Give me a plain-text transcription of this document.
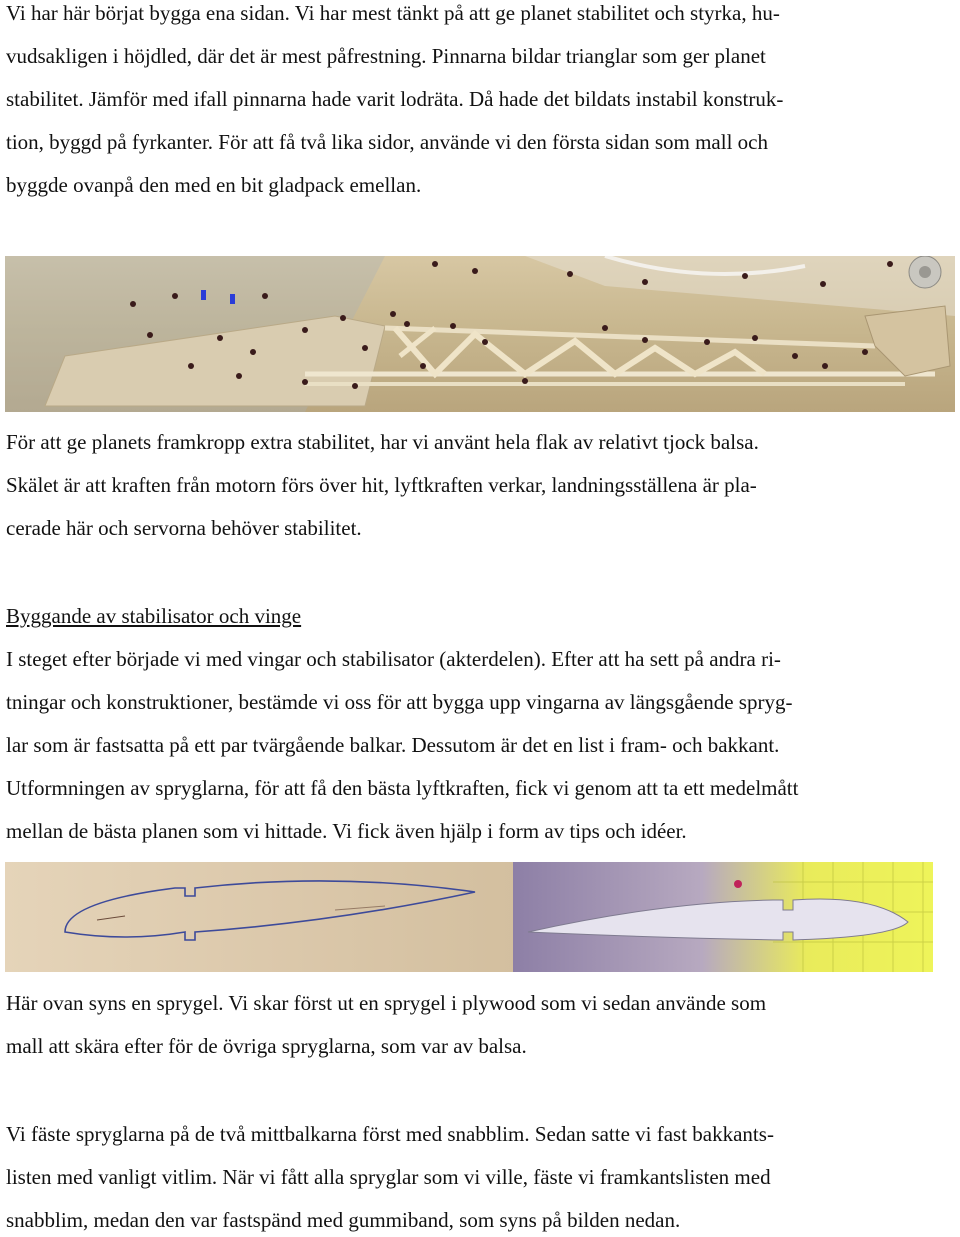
Vi har här börjat bygga ena sidan. Vi har mest tänkt på att ge planet stabilitet och styrka, hu-
vudsakligen i höjdled, där det är mest påfrestning. Pinnarna bildar trianglar som ger planet
stabilitet. Jämför med ifall pinnarna hade varit lodräta. Då hade det bildats instabil konstruk-
tion, byggd på fyrkanter. För att få två lika sidor, använde vi den första sidan som mall och
byggde ovanpå den med en bit gladpack emellan.
För att ge planets framkropp extra stabilitet, har vi använt hela flak av relativt tjock balsa.
Skälet är att kraften från motorn förs över hit, lyftkraften verkar, landningsställena är pla-
cerade här och servorna behöver stabilitet.
Byggande av stabilisator och vinge
I steget efter började vi med vingar och stabilisator (akterdelen). Efter att ha sett på andra ri-
tningar och konstruktioner, bestämde vi oss för att bygga upp vingarna av längsgående spryg-
lar som är fastsatta på ett par tvärgående balkar. Dessutom är det en list i fram- och bakkant.
Utformningen av spryglarna, för att få den bästa lyftkraften, fick vi genom att ta ett medelmått
mellan de bästa planen som vi hittade. Vi fick även hjälp i form av tips och idéer.
Här ovan syns en sprygel. Vi skar först ut en sprygel i plywood som vi sedan använde som
mall att skära efter för de övriga spryglarna, som var av balsa.
Vi fäste spryglarna på de två mittbalkarna först med snabblim. Sedan satte vi fast bakkants-
listen med vanligt vitlim. När vi fått alla spryglar som vi ville, fäste vi framkantslisten med
snabblim, medan den var fastspänd med gummiband, som syns på bilden nedan.
